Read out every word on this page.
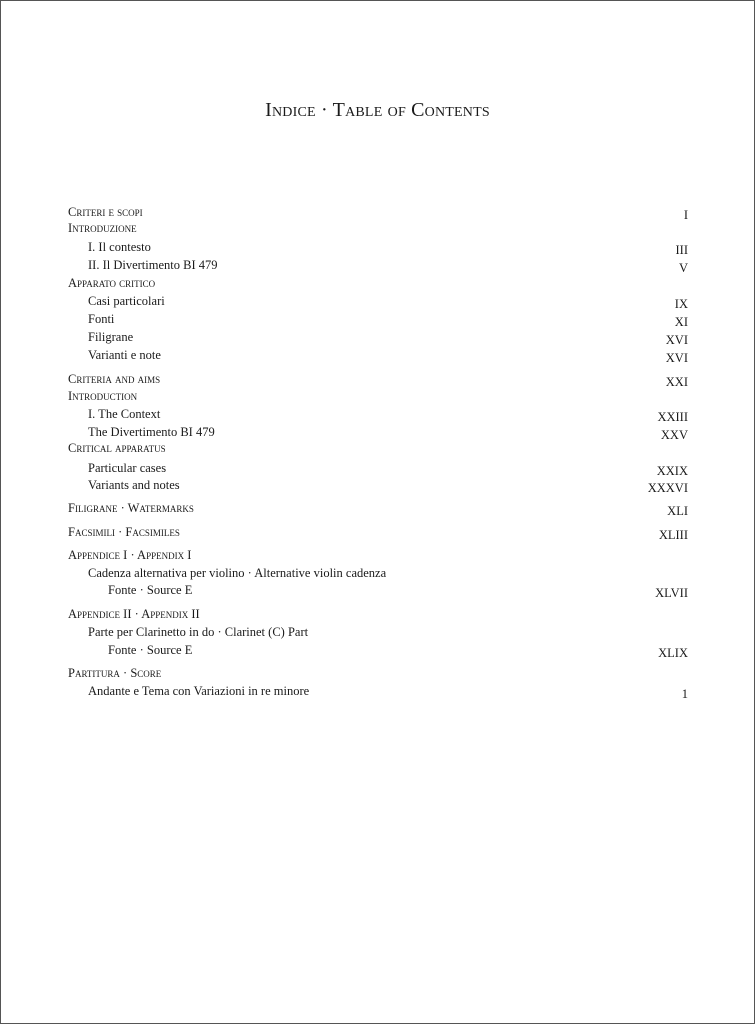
Indice · Table of Contents
Criteri e scopi	I
Introduzione
I. Il contesto	III
II. Il Divertimento BI 479	V
Apparato critico
Casi particolari	IX
Fonti	XI
Filigrane	XVI
Varianti e note	XVI
Criteria and aims	XXI
Introduction
I. The Context	XXIII
The Divertimento BI 479	XXV
Critical apparatus
Particular cases	XXIX
Variants and notes	XXXVI
Filigrane · Watermarks	XLI
Facsimili · Facsimiles	XLIII
Appendice I · Appendix I
Cadenza alternativa per violino · Alternative violin cadenza
Fonte · Source E	XLVII
Appendice II · Appendix II
Parte per Clarinetto in do · Clarinet (C) Part
Fonte · Source E	XLIX
Partitura · Score
Andante e Tema con Variazioni in re minore	1
